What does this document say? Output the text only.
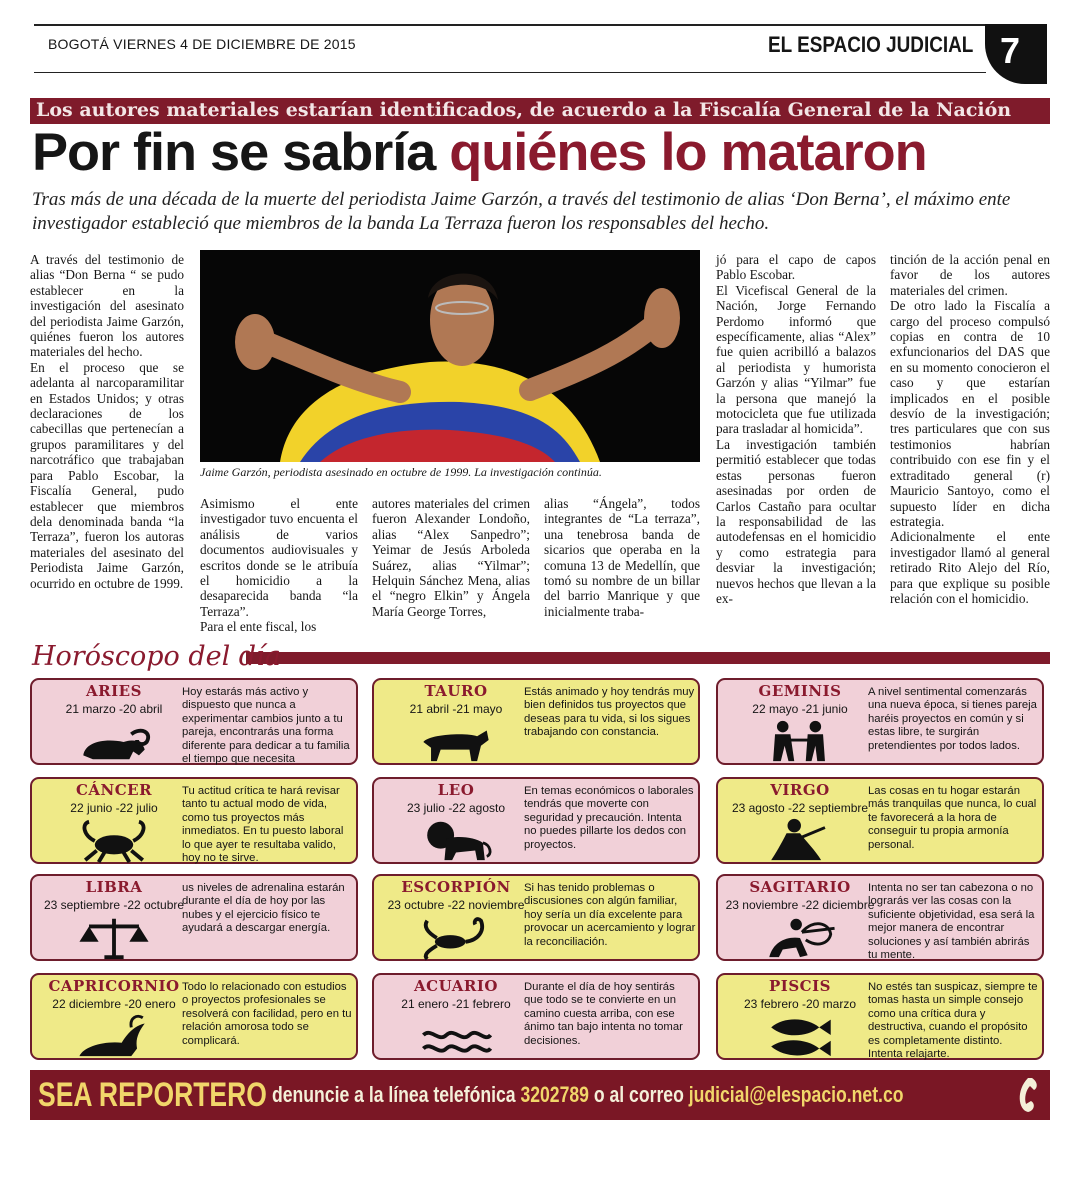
BOGOTÁ VIERNES 4 DE DICIEMBRE DE 2015	EL ESPACIO JUDICIAL 7
Los autores materiales estarían identificados, de acuerdo a la Fiscalía General de la Nación
Por fin se sabría quiénes lo mataron
Tras más de una década de la muerte del periodista Jaime Garzón, a través del testimonio de alias ‘Don Berna’, el máximo ente investigador estableció que miembros de la banda La Terraza fueron los responsables del hecho.

A través del testimonio de alias “Don Berna “ se pudo establecer en la investigación del asesinato del periodista Jaime Garzón, quiénes fueron los autores materiales del hecho.

En el proceso que se adelanta al narcoparamilitar en Estados Unidos; y otras declaraciones de los cabecillas que pertenecían a grupos paramilitares y del narcotráfico que trabajaban para Pablo Escobar, la Fiscalía General, pudo establecer que miembros dela denominada banda “la Terraza”, fueron los autoras materiales del asesinato del Periodista Jaime Garzón, ocurrido en octubre de 1999.

Jaime Garzón, periodista asesinado en octubre de 1999. La investigación continúa.

Asimismo el ente investigador tuvo encuenta el análisis de varios documentos audiovisuales y escritos donde se le atribuía el homicidio a la desaparecida banda “la Terraza”.

Para el ente fiscal, los

autores materiales del crimen fueron Alexander Londoño, alias “Alex Sanpedro”; Yeimar de Jesús Arboleda Suárez, alias “Yilmar”; Helquin Sánchez Mena, alias el “negro Elkin” y Ángela María George Torres,

alias “Ángela”, todos integrantes de “La terraza”, una tenebrosa banda de sicarios que operaba en la comuna 13 de Medellín, que tomó su nombre de un billar del barrio Manrique y que inicialmente traba-

jó para el capo de capos Pablo Escobar.

El Vicefiscal General de la Nación, Jorge Fernando Perdomo informó que específicamente, alias “Alex” fue quien acribilló a balazos al periodista y humorista Garzón y alias “Yilmar” fue la persona que manejó la motocicleta que fue utilizada para trasladar al homicida”.

La investigación también permitió establecer que todas estas personas fueron asesinadas por orden de Carlos Castaño para ocultar la responsabilidad de las autodefensas en el homicidio y como estrategia para desviar la investigación; nuevos hechos que llevan a la ex-

tinción de la acción penal en favor de los autores materiales del crimen.

De otro lado la Fiscalía a cargo del proceso compulsó copias en contra de 10 exfuncionarios del DAS que en su momento conocieron el caso y que estarían implicados en el posible desvío de la investigación; tres particulares que con sus testimonios habrían contribuido con ese fin y el extraditado general (r) Mauricio Santoyo, como el supuesto líder en dicha estrategia.

Adicionalmente el ente investigador llamó al general retirado Rito Alejo del Río, para que explique su posible relación con el homicidio.

Horóscopo del día
ARIES
21 marzo -20 abril
Hoy estarás más activo y dispuesto que nunca a experimentar cambios junto a tu pareja, encontrarás una forma diferente para dedicar a tu familia el tiempo que necesita
TAURO
21 abril -21 mayo
Estás animado y hoy tendrás muy bien definidos tus proyectos que deseas para tu vida, si los sigues trabajando con constancia.
GEMINIS
22 mayo -21 junio
A nivel sentimental comenzarás una nueva época, si tienes pareja haréis proyectos en común y si estas libre, te surgirán pretendientes por todos lados.
CÁNCER
22 junio -22 julio
Tu actitud crítica te hará revisar tanto tu actual modo de vida, como tus proyectos más inmediatos. En tu puesto laboral lo que ayer te resultaba valido, hoy no te sirve.
LEO
23 julio -22 agosto
En temas económicos o laborales tendrás que moverte con seguridad y precaución. Intenta no puedes pillarte los dedos con proyectos.
VIRGO
23 agosto -22 septiembre
Las cosas en tu hogar estarán más tranquilas que nunca, lo cual te favorecerá a la hora de conseguir tu propia armonía personal.
LIBRA
23 septiembre -22 octubre
us niveles de adrenalina estarán durante el día de hoy por las nubes y el ejercicio físico te ayudará a descargar energía.
ESCORPIÓN
23 octubre -22 noviembre
Si has tenido problemas o discusiones con algún familiar, hoy sería un día excelente para provocar un acercamiento y lograr la reconciliación.
SAGITARIO
23 noviembre -22 diciembre
Intenta no ser tan cabezona o no lograrás ver las cosas con la suficiente objetividad, esa será la mejor manera de encontrar soluciones y así también abrirás tu mente.
CAPRICORNIO
22 diciembre -20 enero
Todo lo relacionado con estudios o proyectos profesionales se resolverá con facilidad, pero en tu relación amorosa todo se complicará.
ACUARIO
21 enero -21 febrero
Durante el día de hoy sentirás que todo se te convierte en un camino cuesta arriba, con ese ánimo tan bajo intenta no tomar decisiones.
PISCIS
23 febrero -20 marzo
No estés tan suspicaz, siempre te tomas hasta un simple consejo como una crítica dura y destructiva, cuando el propósito es completamente distinto. Intenta relajarte.
SEA REPORTERO denuncie a la línea telefónica 3202789 o al correo judicial@elespacio.net.co
